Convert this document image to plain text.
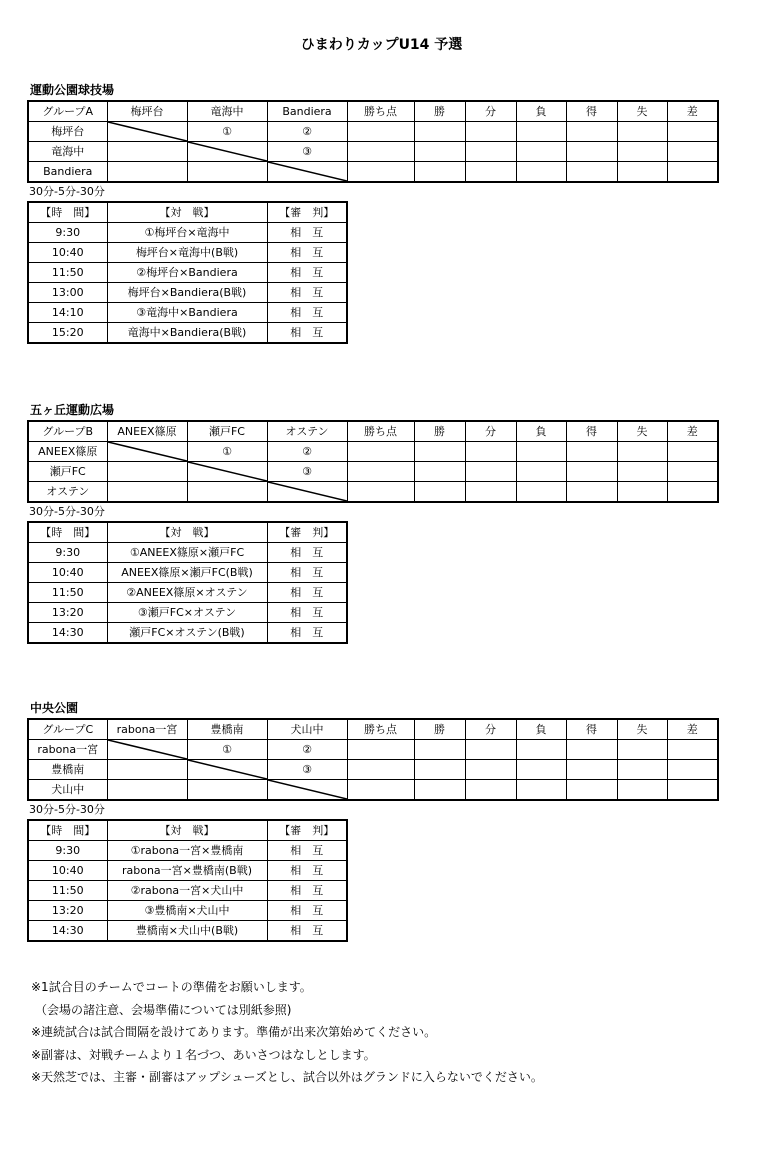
ひまわりカップU14 予選
運動公園球技場
グループA	梅坪台	竜海中	Bandiera	勝ち点	勝	分	負	得	失	差
梅坪台		①	②							
竜海中			③							
Bandiera			

30分-5分-30分
【時　間】	【対　戦】	【審　判】
9:30	①梅坪台×竜海中	相　互
10:40	梅坪台×竜海中(B戦)	相　互
11:50	②梅坪台×Bandiera	相　互
13:00	梅坪台×Bandiera(B戦)	相　互
14:10	③竜海中×Bandiera	相　互
15:20	竜海中×Bandiera(B戦)	相　互
五ヶ丘運動広場
グループB	ANEEX篠原	瀬戸FC	オステン	勝ち点	勝	分	負	得	失	差
ANEEX篠原		①	②							
瀬戸FC			③							
オステン			

30分-5分-30分
【時　間】	【対　戦】	【審　判】
9:30	①ANEEX篠原×瀬戸FC	相　互
10:40	ANEEX篠原×瀬戸FC(B戦)	相　互
11:50	②ANEEX篠原×オステン	相　互
13:20	③瀬戸FC×オステン	相　互
14:30	瀬戸FC×オステン(B戦)	相　互
中央公園
グループC	rabona一宮	豊橋南	犬山中	勝ち点	勝	分	負	得	失	差
rabona一宮		①	②							
豊橋南			③							
犬山中			

30分-5分-30分
【時　間】	【対　戦】	【審　判】
9:30	①rabona一宮×豊橋南	相　互
10:40	rabona一宮×豊橋南(B戦)	相　互
11:50	②rabona一宮×犬山中	相　互
13:20	③豊橋南×犬山中	相　互
14:30	豊橋南×犬山中(B戦)	相　互
※1試合目のチームでコートの準備をお願いします。
（会場の諸注意、会場準備については別紙参照)
※連続試合は試合間隔を設けてあります。準備が出来次第始めてください。
※副審は、対戦チームより１名づつ、あいさつはなしとします。
※天然芝では、主審・副審はアップシューズとし、試合以外はグランドに入らないでください。
